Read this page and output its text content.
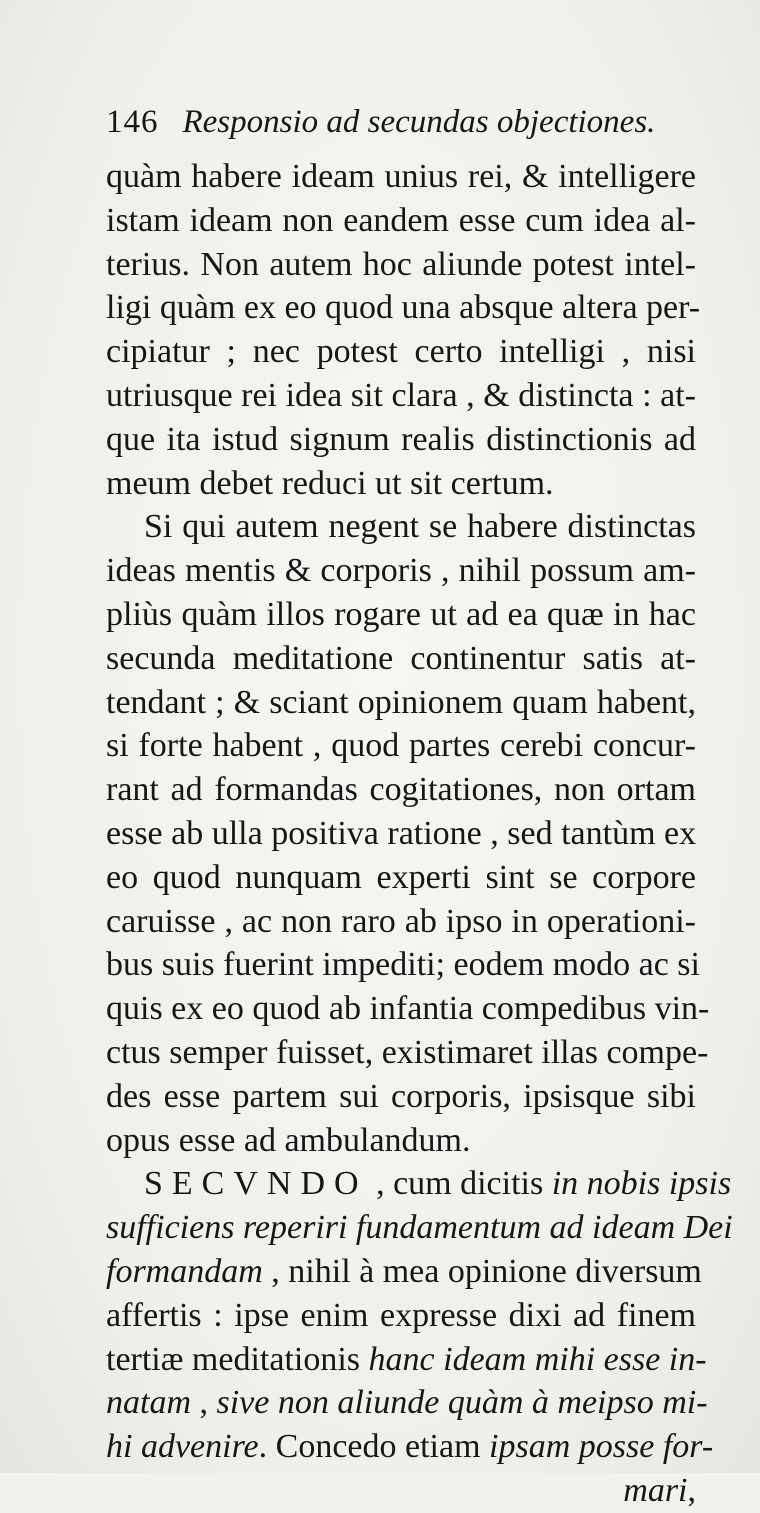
146 Responsio ad secundas objectiones.
quàm habere ideam unius rei, & intelligere
istam ideam non eandem esse cum idea al-
terius. Non autem hoc aliunde potest intel-
ligi quàm ex eo quod una absque altera per-
cipiatur ; nec potest certo intelligi , nisi
utriusque rei idea sit clara , & distincta : at-
que ita istud signum realis distinctionis ad
meum debet reduci ut sit certum.
Si qui autem negent se habere distinctas
ideas mentis & corporis , nihil possum am-
pliùs quàm illos rogare ut ad ea quæ in hac
secunda meditatione continentur satis at-
tendant ; & sciant opinionem quam habent,
si forte habent , quod partes cerebi concur-
rant ad formandas cogitationes, non ortam
esse ab ulla positiva ratione , sed tantùm ex
eo quod nunquam experti sint se corpore
caruisse , ac non raro ab ipso in operationi-
bus suis fuerint impediti; eodem modo ac si
quis ex eo quod ab infantia compedibus vin-
ctus semper fuisset, existimaret illas compe-
des esse partem sui corporis, ipsisque sibi
opus esse ad ambulandum.
SECVNDO , cum dicitis in nobis ipsis
sufficiens reperiri fundamentum ad ideam Dei
formandam , nihil à mea opinione diversum
affertis : ipse enim expresse dixi ad finem
tertiæ meditationis hanc ideam mihi esse in-
natam , sive non aliunde quàm à meipso mi-
hi advenire. Concedo etiam ipsam posse for-
mari,
